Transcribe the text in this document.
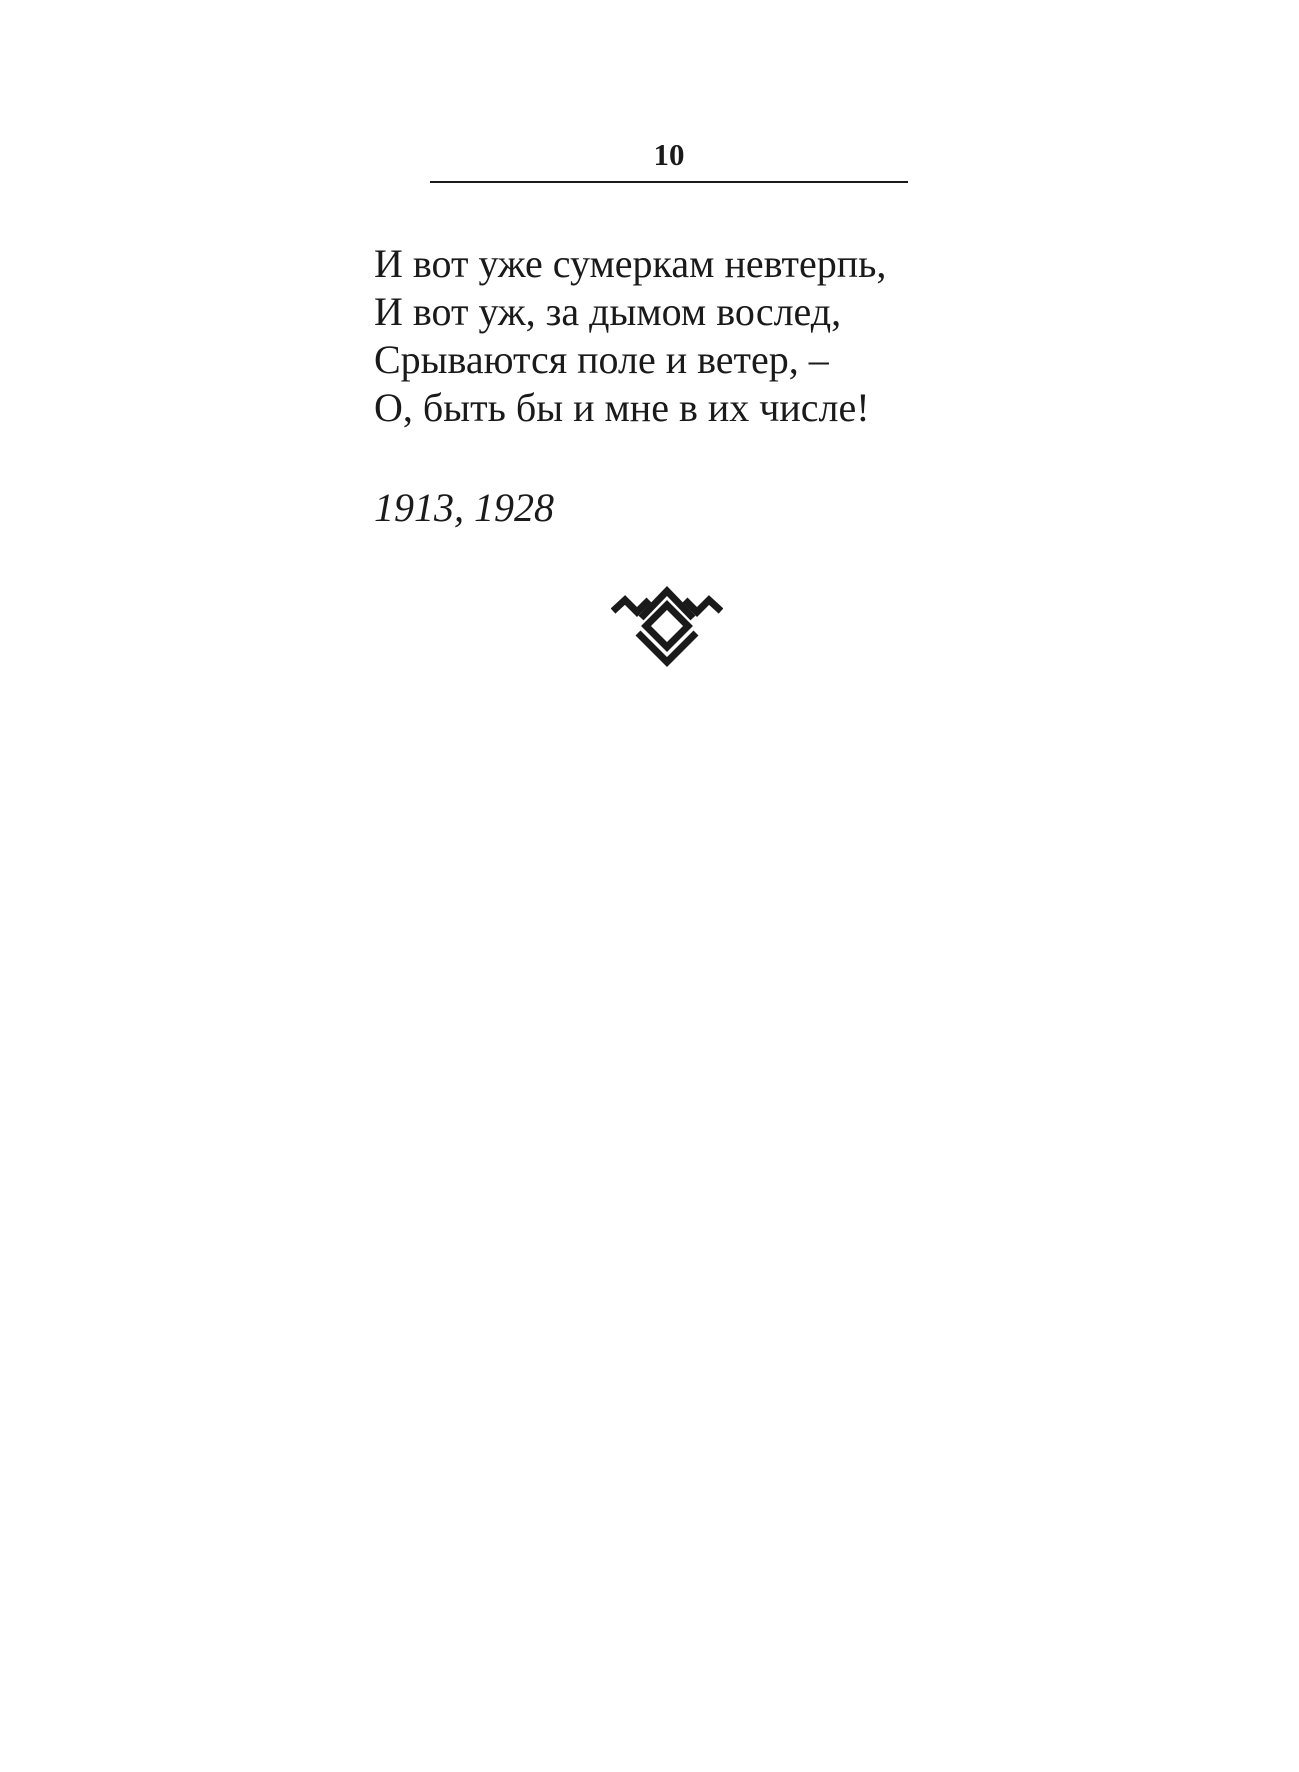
10
И вот уже сумеркам невтерпь,
И вот уж, за дымом вослед,
Срываются поле и ветер, –
О, быть бы и мне в их числе!
1913, 1928
